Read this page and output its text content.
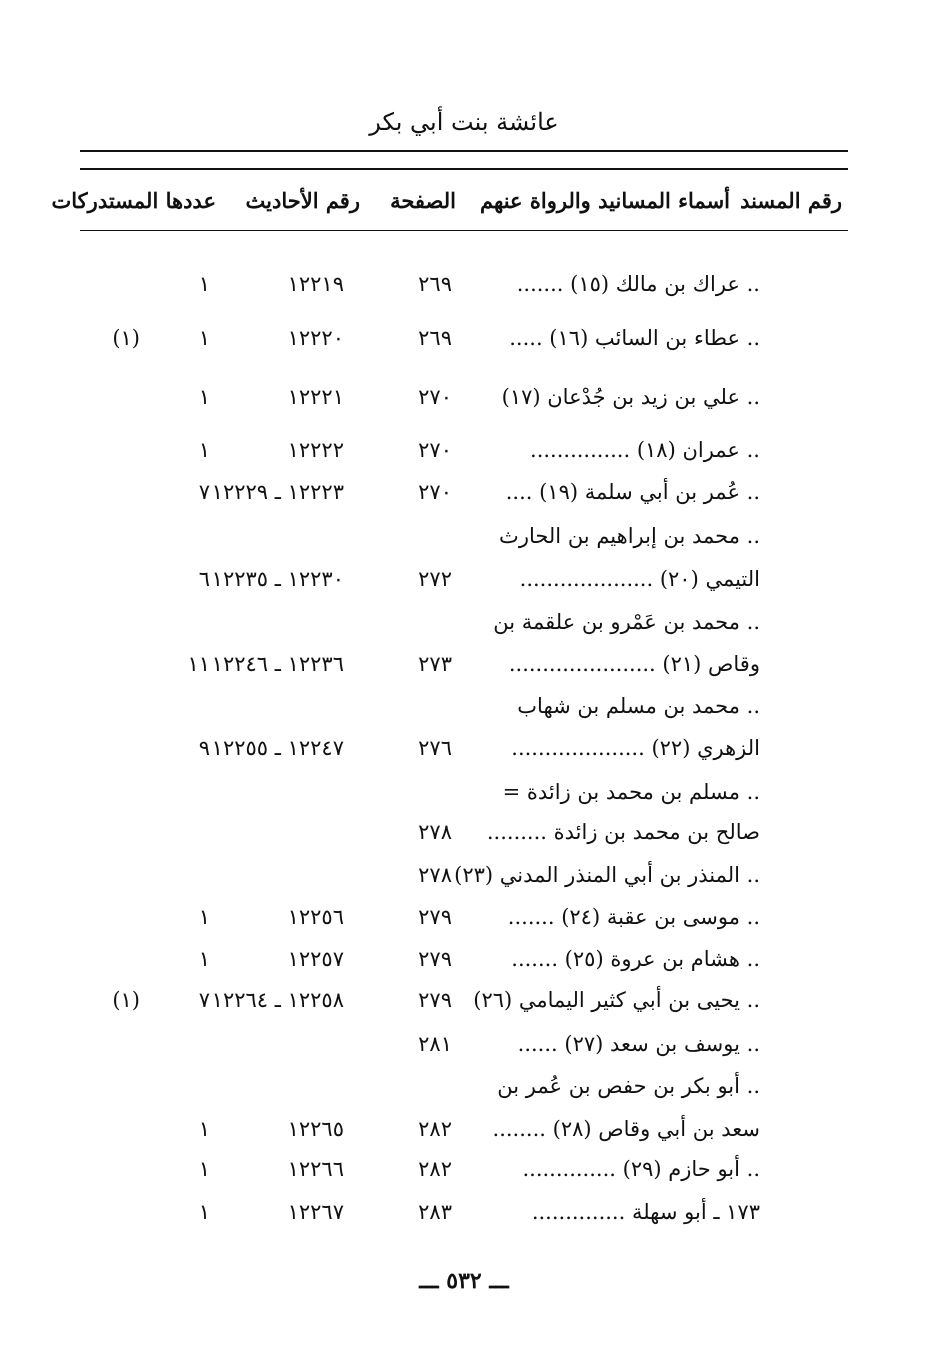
عائشة بنت أبي بكر
رقم المسند
أسماء المسانيد والرواة عنهم
الصفحة
رقم الأحاديث
عددها المستدركات
‏‏.. عراك بن مالك (١٥) .......
٢٦٩
١٢٢١٩
١
‏‏.. عطاء بن السائب (١٦) .....
٢٦٩
١٢٢٢٠
١
(١)
‏‏.. علي بن زيد بن جُدْعان (١٧)
٢٧٠
١٢٢٢١
١
‏‏.. عمران (١٨) ...............
٢٧٠
١٢٢٢٢
١
‏‏.. عُمر بن أبي سلمة (١٩) ....
٢٧٠
١٢٢٢٣ ـ ١٢٢٢٩
٧
‏‏.. محمد بن إبراهيم بن الحارث
التيمي (٢٠) ....................
٢٧٢
١٢٢٣٠ ـ ١٢٢٣٥
٦
‏‏.. محمد بن عَمْرو بن علقمة بن
وقاص (٢١) ......................
٢٧٣
١٢٢٣٦ ـ ١٢٢٤٦
١١
‏‏.. محمد بن مسلم بن شهاب
الزهري (٢٢) ....................
٢٧٦
١٢٢٤٧ ـ ١٢٢٥٥
٩
‏‏.. مسلم بن محمد بن زائدة =
صالح بن محمد بن زائدة .........
٢٧٨
‏‏.. المنذر بن أبي المنذر المدني (٢٣)
٢٧٨
‏‏.. موسى بن عقبة (٢٤) .......
٢٧٩
١٢٢٥٦
١
‏‏.. هشام بن عروة (٢٥) .......
٢٧٩
١٢٢٥٧
١
‏‏.. يحيى بن أبي كثير اليمامي (٢٦)
٢٧٩
١٢٢٥٨ ـ ١٢٢٦٤
٧
(١)
‏‏.. يوسف بن سعد (٢٧) ......
٢٨١
‏‏.. أبو بكر بن حفص بن عُمر بن
سعد بن أبي وقاص (٢٨) ........
٢٨٢
١٢٢٦٥
١
‏‏.. أبو حازم (٢٩) ..............
٢٨٢
١٢٢٦٦
١
١٧٣ ـ أبو سهلة ..............
٢٨٣
١٢٢٦٧
١
ـــ ٥٣٢ ـــ
